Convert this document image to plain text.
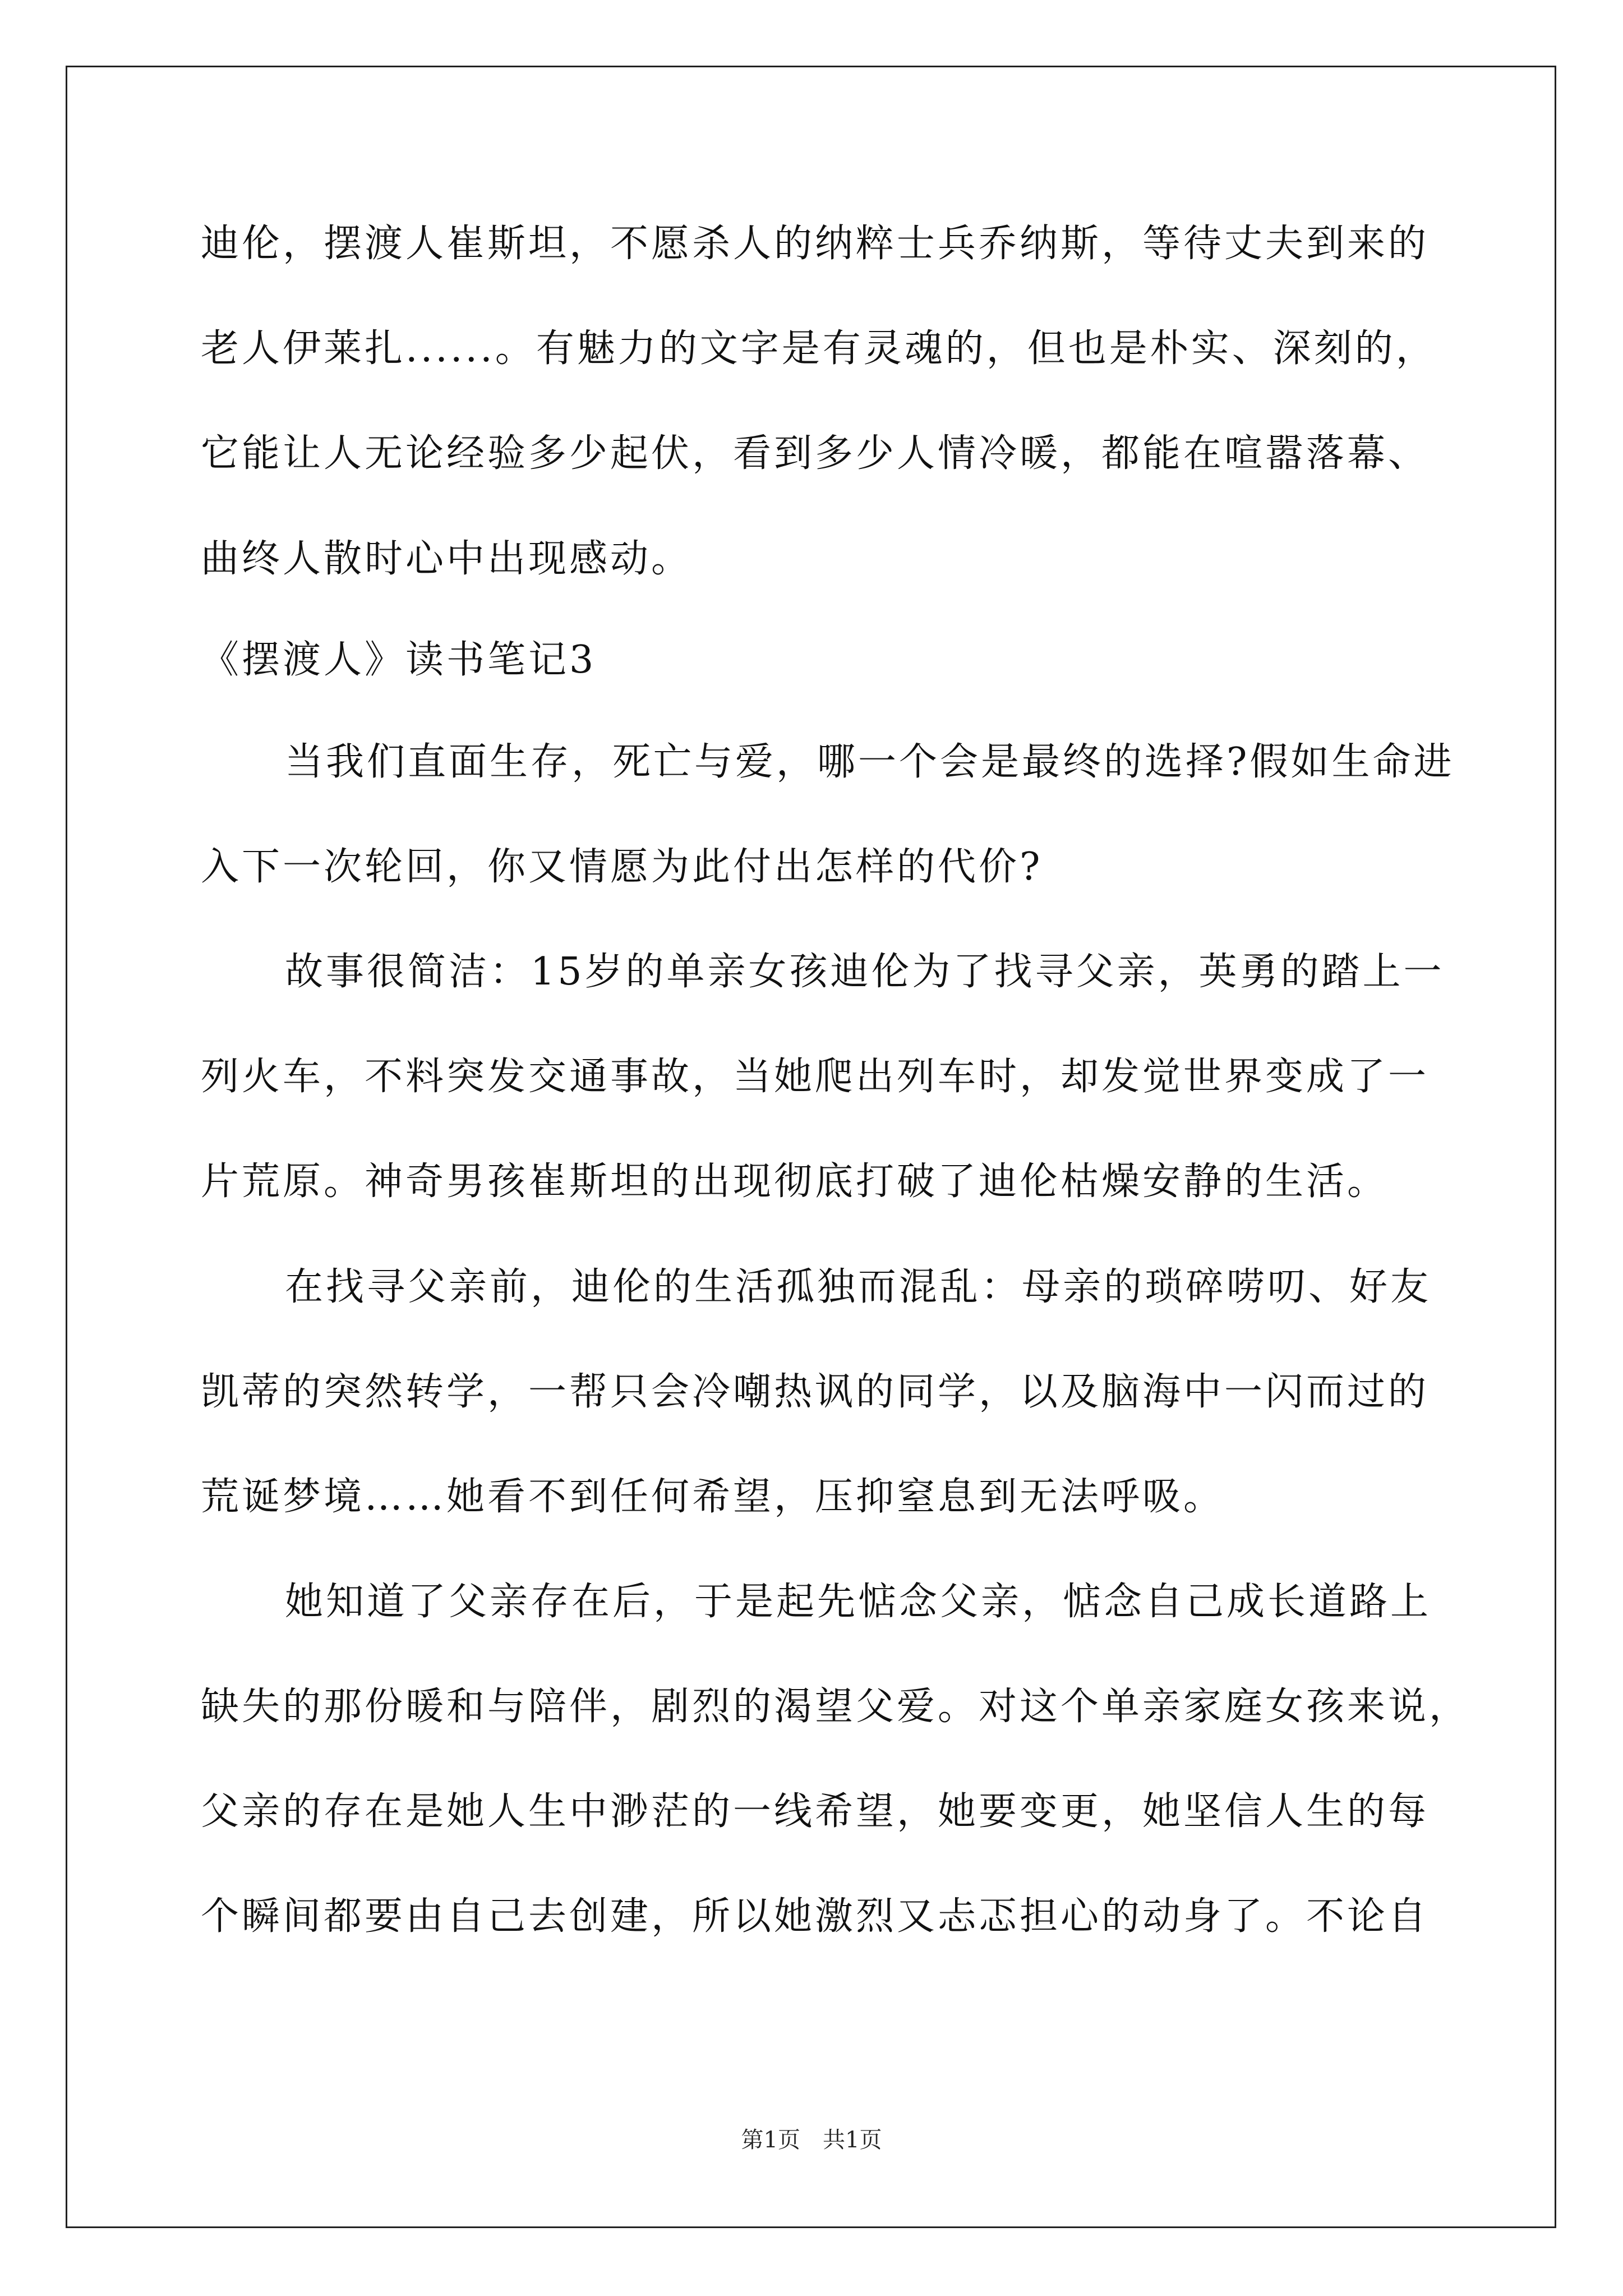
迪伦，摆渡人崔斯坦，不愿杀人的纳粹士兵乔纳斯，等待丈夫到来的
老人伊莱扎......。有魅力的文字是有灵魂的，但也是朴实、深刻的，
它能让人无论经验多少起伏，看到多少人情冷暖，都能在喧嚣落幕、
曲终人散时心中出现感动。
《摆渡人》读书笔记3
当我们直面生存，死亡与爱，哪一个会是最终的选择?假如生命进
入下一次轮回，你又情愿为此付出怎样的代价?
故事很简洁：15岁的单亲女孩迪伦为了找寻父亲，英勇的踏上一
列火车，不料突发交通事故，当她爬出列车时，却发觉世界变成了一
片荒原。神奇男孩崔斯坦的出现彻底打破了迪伦枯燥安静的生活。
在找寻父亲前，迪伦的生活孤独而混乱：母亲的琐碎唠叨、好友
凯蒂的突然转学，一帮只会冷嘲热讽的同学，以及脑海中一闪而过的
荒诞梦境……她看不到任何希望，压抑窒息到无法呼吸。
她知道了父亲存在后，于是起先惦念父亲，惦念自己成长道路上
缺失的那份暖和与陪伴，剧烈的渴望父爱。对这个单亲家庭女孩来说，
父亲的存在是她人生中渺茫的一线希望，她要变更，她坚信人生的每
个瞬间都要由自己去创建，所以她激烈又忐忑担心的动身了。不论自
第1页　共1页
